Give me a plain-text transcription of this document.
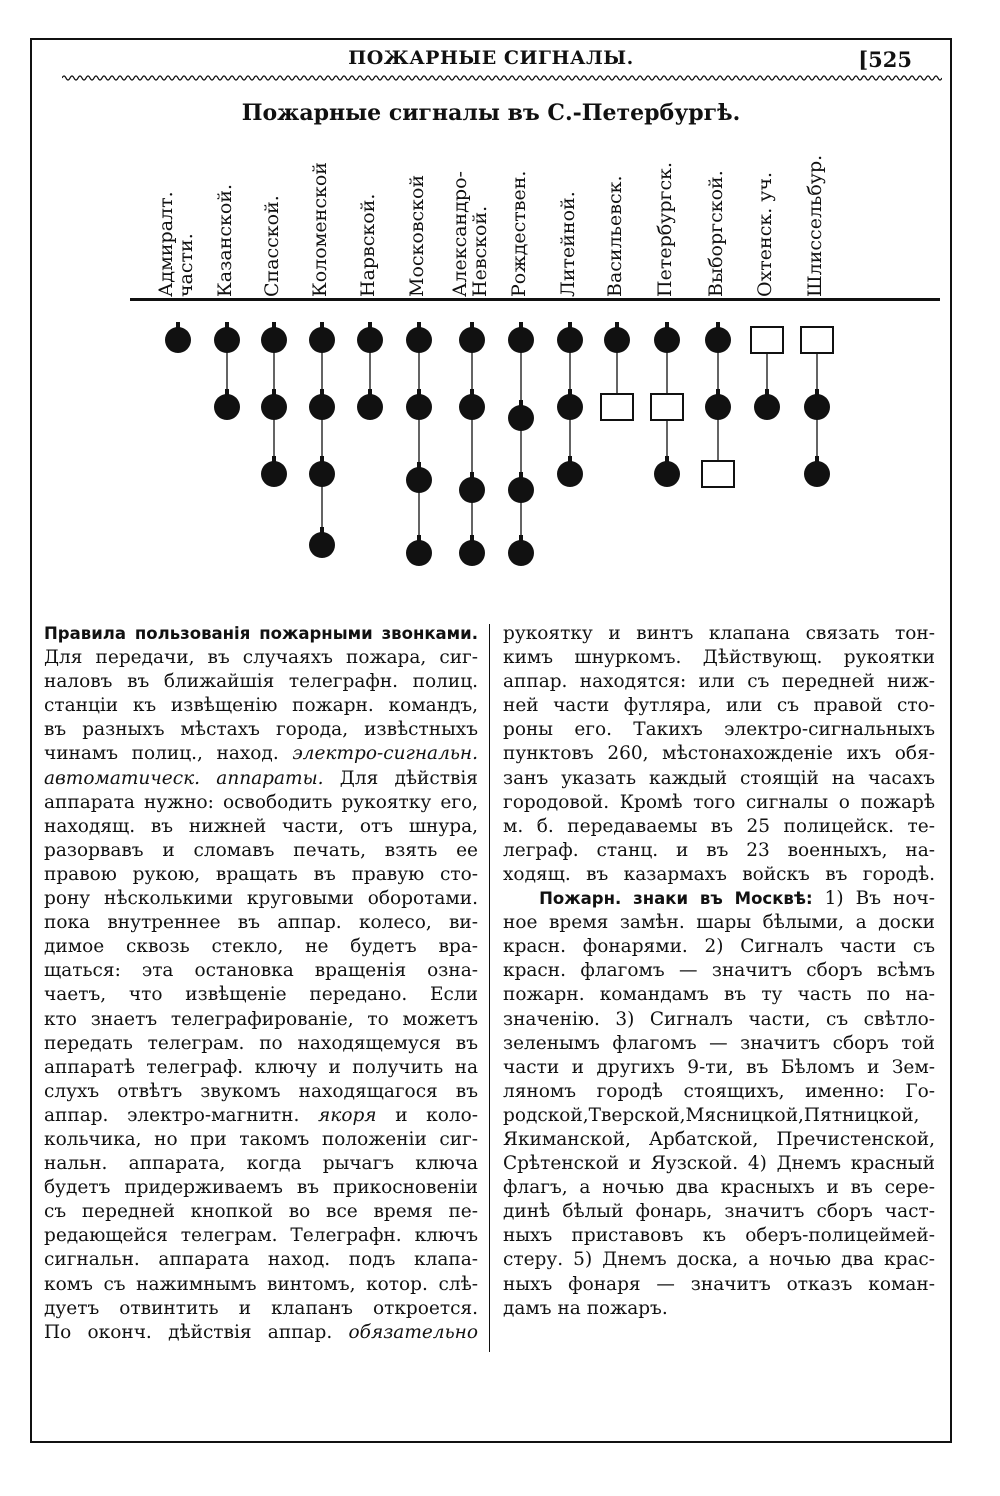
ПОЖАРНЫЕ СИГНАЛЫ.	[525
Пожарные сигналы въ С.-Петербургѣ.
Адмиралт.
части. Казанской.	Спасской.	Коломенской	Нарвской.	Московской	Александро-
Невской. Рождествен.	Литейной.	Васильевск.	Петербургск.	Выборгской.	Охтенск. уч.	Шлиссельбур.
Правила пользованія пожарными звонками.
Для передачи, въ случаяхъ пожара, сиг-
наловъ въ ближайшія телеграфн. полиц.
станціи къ извѣщенію пожарн. командъ,
въ разныхъ мѣстахъ города, извѣстныхъ
чинамъ полиц., наход. электро-сигнальн.
автоматическ. аппараты. Для дѣйствія
аппарата нужно: освободить рукоятку его,
находящ. въ нижней части, отъ шнура,
разорвавъ и сломавъ печать, взять ее
правою рукою, вращать въ правую сто-
рону нѣсколькими круговыми оборотами.
пока внутреннее въ аппар. колесо, ви-
димое сквозь стекло, не будетъ вра-
щаться: эта остановка вращенія озна-
чаетъ, что извѣщеніе передано. Если
кто знаетъ телеграфированіе, то можетъ
передать телеграм. по находящемуся въ
аппаратѣ телеграф. ключу и получить на
слухъ отвѣтъ звукомъ находящагося въ
аппар. электро-магнитн. якоря и коло-
кольчика, но при такомъ положеніи сиг-
нальн. аппарата, когда рычагъ ключа
будетъ придерживаемъ въ прикосновеніи
съ передней кнопкой во все время пе-
редающейся телеграм. Телеграфн. ключъ
сигнальн. аппарата наход. подъ клапа-
комъ съ нажимнымъ винтомъ, котор. слѣ-
дуетъ отвинтить и клапанъ откроется.
По оконч. дѣйствія аппар. обязательно
рукоятку и винтъ клапана связать тон-
кимъ шнуркомъ. Дѣйствующ. рукоятки
аппар. находятся: или съ передней ниж-
ней части футляра, или съ правой сто-
роны его. Такихъ электро-сигнальныхъ
пунктовъ 260, мѣстонахожденіе ихъ обя-
занъ указать каждый стоящій на часахъ
городовой. Кромѣ того сигналы о пожарѣ
м. б. передаваемы въ 25 полицейск. те-
леграф. станц. и въ 23 военныхъ, на-
ходящ. въ казармахъ войскъ въ городѣ.
Пожарн. знаки въ Москвѣ: 1) Въ ноч-
ное время замѣн. шары бѣлыми, а доски
красн. фонарями. 2) Сигналъ части съ
красн. флагомъ — значитъ сборъ всѣмъ
пожарн. командамъ въ ту часть по на-
значенію. 3) Сигналъ части, съ свѣтло-
зеленымъ флагомъ — значитъ сборъ той
части и другихъ 9-ти, въ Бѣломъ и Зем-
ляномъ городѣ стоящихъ, именно: Го-
родской,Тверской,Мясницкой,Пятницкой,
Якиманской, Арбатской, Пречистенской,
Срѣтенской и Яузской. 4) Днемъ красный
флагъ, а ночью два красныхъ и въ сере-
динѣ бѣлый фонарь, значитъ сборъ част-
ныхъ приставовъ къ оберъ-полицеймей-
стеру. 5) Днемъ доска, а ночью два крас-
ныхъ фонаря — значитъ отказъ коман-
дамъ на пожаръ.
